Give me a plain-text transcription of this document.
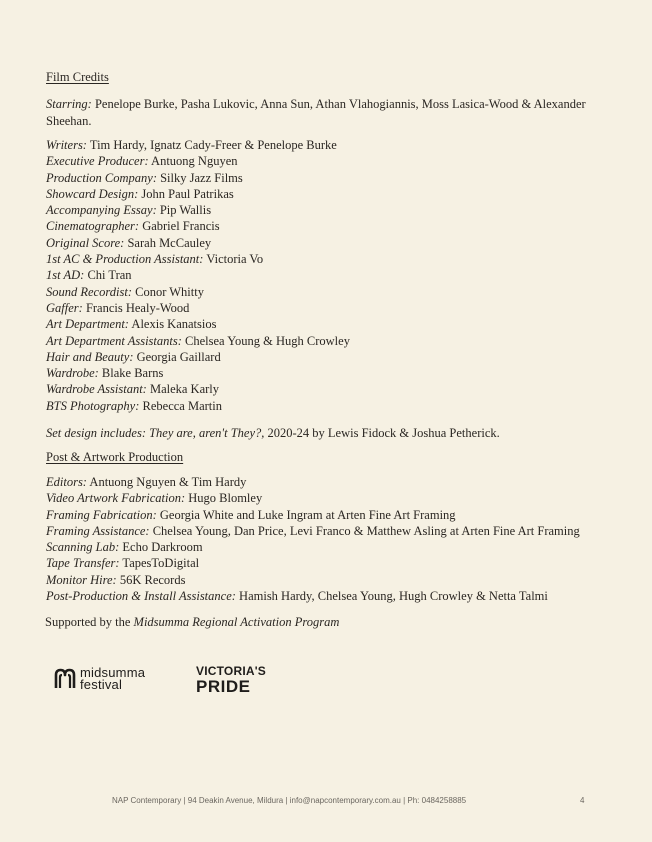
Film Credits
Starring: Penelope Burke, Pasha Lukovic, Anna Sun, Athan Vlahogiannis, Moss Lasica-Wood & Alexander Sheehan.
Writers: Tim Hardy, Ignatz Cady-Freer & Penelope Burke
Executive Producer: Antuong Nguyen
Production Company: Silky Jazz Films
Showcard Design: John Paul Patrikas
Accompanying Essay: Pip Wallis
Cinematographer: Gabriel Francis
Original Score: Sarah McCauley
1st AC & Production Assistant: Victoria Vo
1st AD: Chi Tran
Sound Recordist: Conor Whitty
Gaffer: Francis Healy-Wood
Art Department: Alexis Kanatsios
Art Department Assistants: Chelsea Young & Hugh Crowley
Hair and Beauty: Georgia Gaillard
Wardrobe: Blake Barns
Wardrobe Assistant: Maleka Karly
BTS Photography: Rebecca Martin
Set design includes: They are, aren't They?, 2020-24 by Lewis Fidock & Joshua Petherick.
Post & Artwork Production
Editors: Antuong Nguyen & Tim Hardy
Video Artwork Fabrication: Hugo Blomley
Framing Fabrication: Georgia White and Luke Ingram at Arten Fine Art Framing
Framing Assistance: Chelsea Young, Dan Price, Levi Franco & Matthew Asling at Arten Fine Art Framing
Scanning Lab: Echo Darkroom
Tape Transfer: TapesToDigital
Monitor Hire: 56K Records
Post-Production & Install Assistance: Hamish Hardy, Chelsea Young, Hugh Crowley & Netta Talmi
Supported by the Midsumma Regional Activation Program
midsumma
festival
VICTORIA'S
PRIDE
NAP Contemporary | 94 Deakin Avenue, Mildura | info@napcontemporary.com.au | Ph: 0484258885	4
